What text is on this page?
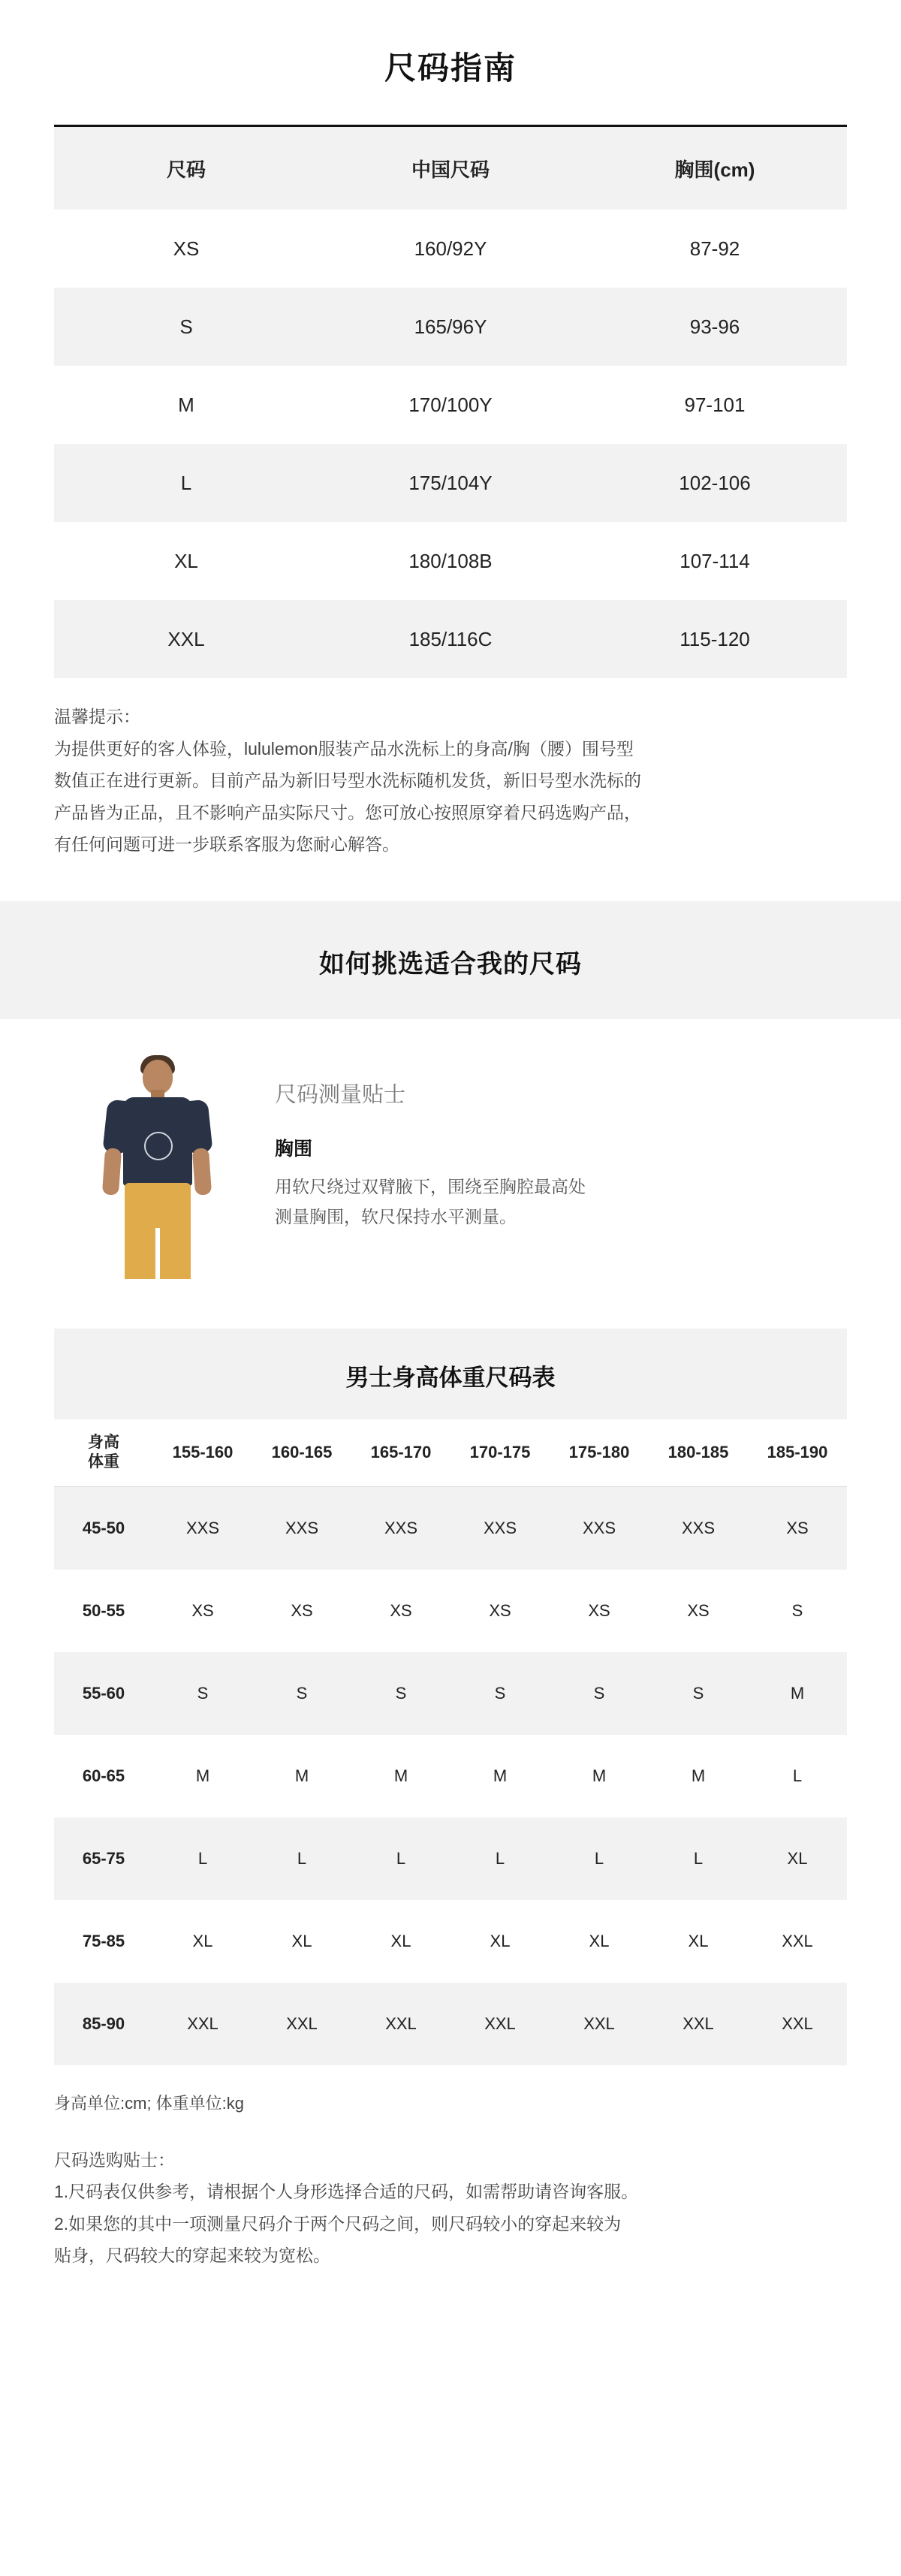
尺码指南
尺码	中国尺码	胸围(cm)
XS	160/92Y	87-92
S	165/96Y	93-96
M	170/100Y	97-101
L	175/104Y	102-106
XL	180/108B	107-114
XXL	185/116C	115-120
温馨提示：
为提供更好的客人体验，lululemon服装产品水洗标上的身高/胸（腰）围号型
数值正在进行更新。目前产品为新旧号型水洗标随机发货，新旧号型水洗标的
产品皆为正品，且不影响产品实际尺寸。您可放心按照原穿着尺码选购产品，
有任何问题可进一步联系客服为您耐心解答。
如何挑选适合我的尺码
尺码测量贴士
胸围
用软尺绕过双臂腋下，围绕至胸腔最高处
测量胸围，软尺保持水平测量。
男士身高体重尺码表
身高
体重	155-160	160-165	165-170	170-175	175-180	180-185	185-190
45-50	XXS	XXS	XXS	XXS	XXS	XXS	XS
50-55	XS	XS	XS	XS	XS	XS	S
55-60	S	S	S	S	S	S	M
60-65	M	M	M	M	M	M	L
65-75	L	L	L	L	L	L	XL
75-85	XL	XL	XL	XL	XL	XL	XXL
85-90	XXL	XXL	XXL	XXL	XXL	XXL	XXL
身高单位:cm; 体重单位:kg
尺码选购贴士：
1.尺码表仅供参考，请根据个人身形选择合适的尺码，如需帮助请咨询客服。
2.如果您的其中一项测量尺码介于两个尺码之间，则尺码较小的穿起来较为
贴身，尺码较大的穿起来较为宽松。
